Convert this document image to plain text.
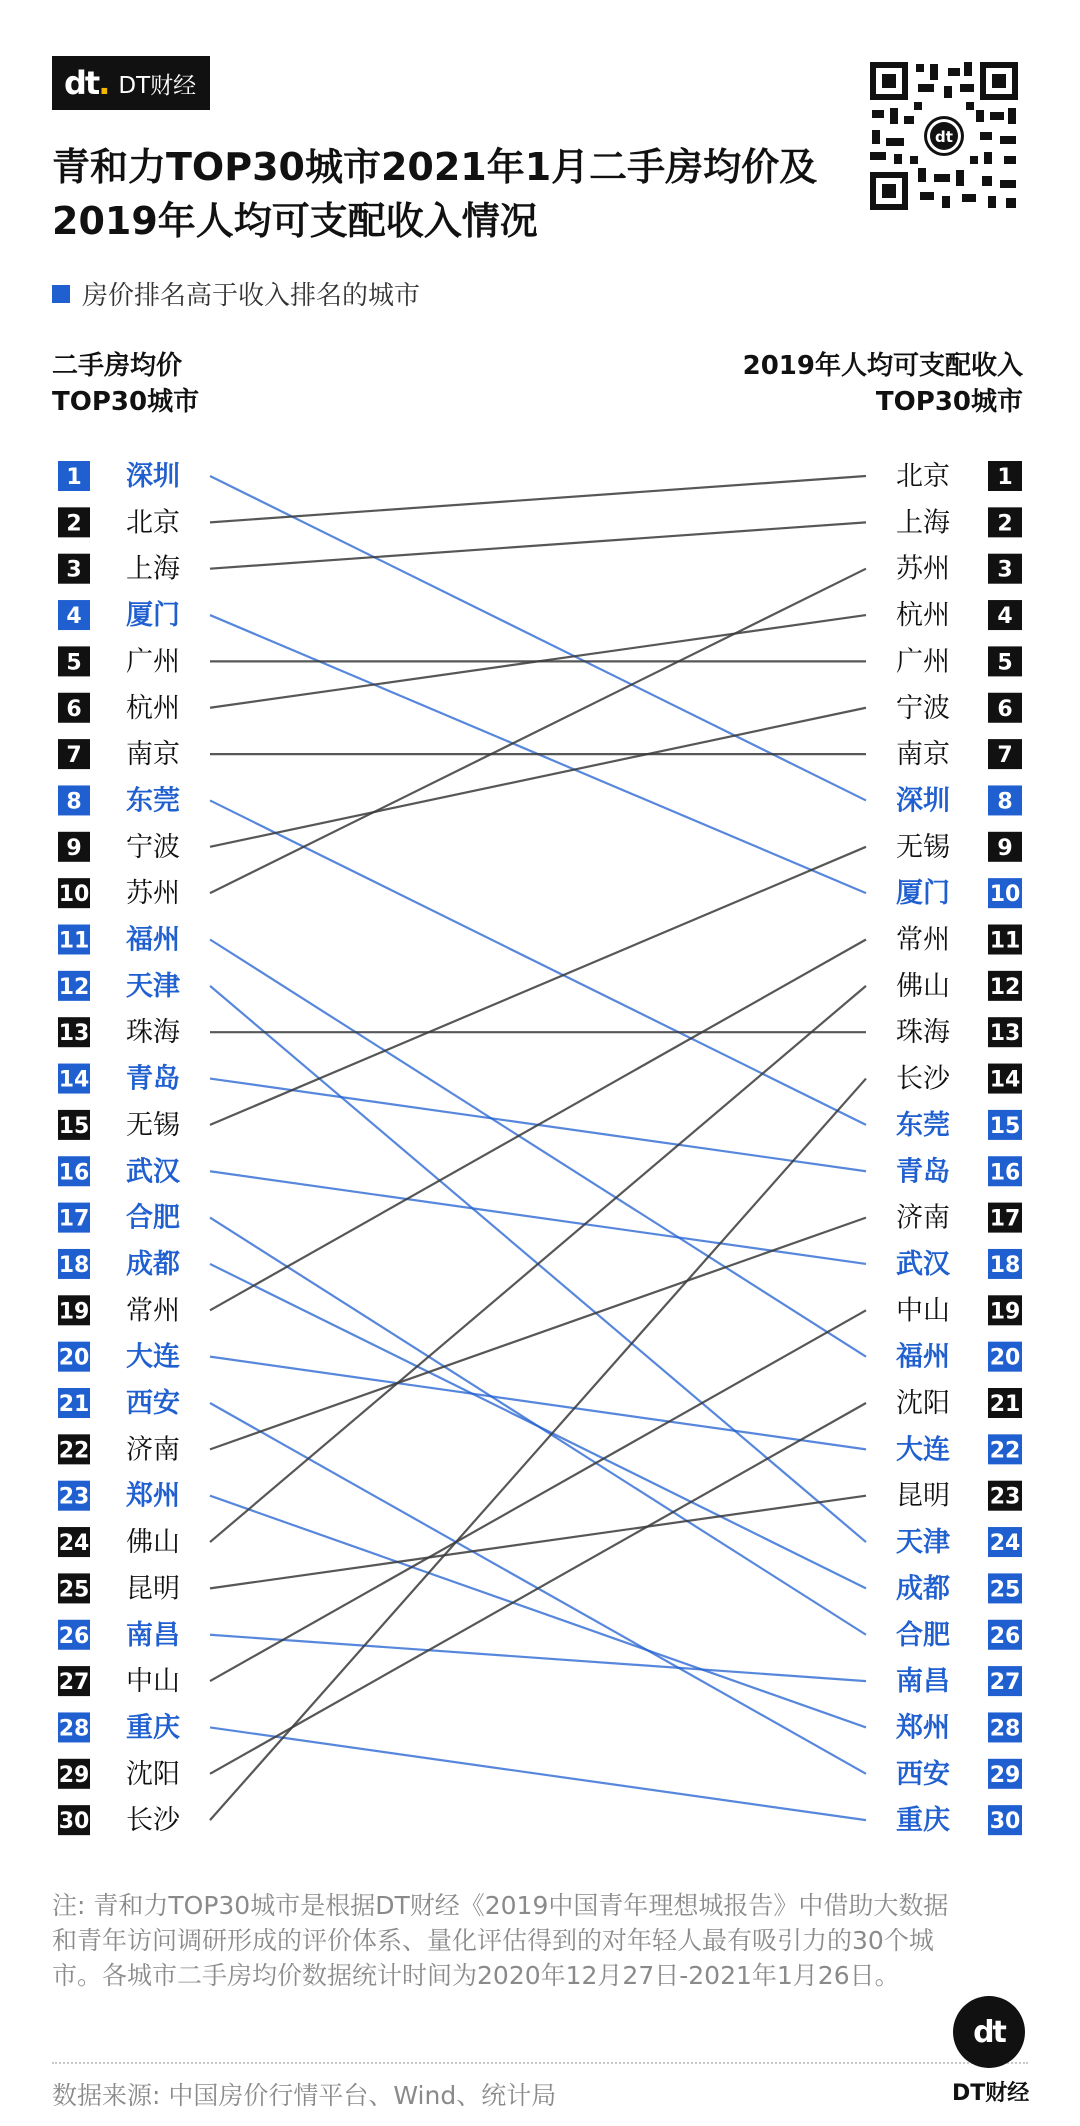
dt. DT财经
青和力TOP30城市2021年1月二手房均价及
2019年人均可支配收入情况
dt
房价排名高于收入排名的城市
二手房均价
TOP30城市
2019年人均可支配收入
TOP30城市
1 深圳
2 北京
3 上海
4 厦门
5 广州
6 杭州
7 南京
8 东莞
9 宁波
10 苏州
11 福州
12 天津
13 珠海
14 青岛
15 无锡
16 武汉
17 合肥
18 成都
19 常州
20 大连
21 西安
22 济南
23 郑州
24 佛山
25 昆明
26 南昌
27 中山
28 重庆
29 沈阳
30 长沙
1
北京
2
上海
3
苏州
4
杭州
5
广州
6
宁波
7
南京
8
深圳
9
无锡
10
厦门
11
常州
12
佛山
13
珠海
14
长沙
15
东莞
16
青岛
17
济南
18
武汉
19
中山
20
福州
21
沈阳
22
大连
23
昆明
24
天津
25
成都
26
合肥
27
南昌
28
郑州
29
西安
30
重庆

注: 青和力TOP30城市是根据DT财经《2019中国青年理想城报告》中借助大数据和青年访问调研形成的评价体系、量化评估得到的对年轻人最有吸引力的30个城市。各城市二手房均价数据统计时间为2020年12月27日-2021年1月26日。

数据来源: 中国房价行情平台、Wind、统计局
dt
DT财经
